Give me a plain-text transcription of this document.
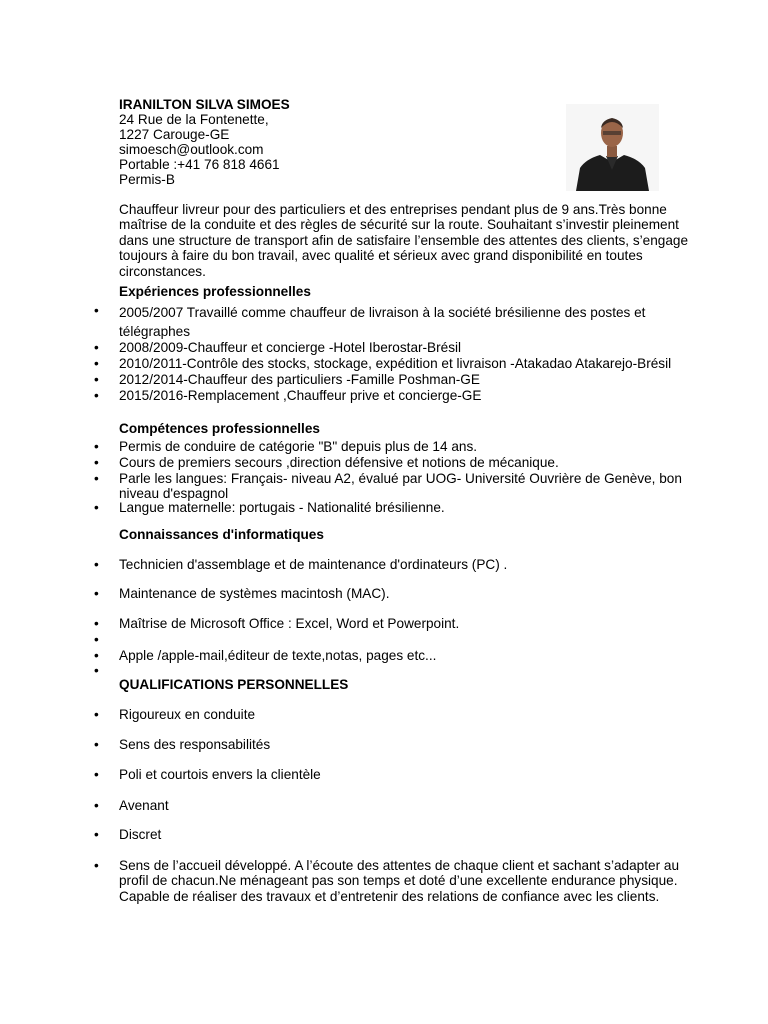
IRANILTON SILVA SIMOES
24 Rue de la Fontenette,
1227 Carouge-GE
simoesch@outlook.com
Portable :+41 76 818 4661
Permis-B
Chauffeur livreur pour des particuliers et des entreprises pendant plus de 9 ans.Très bonne maîtrise de la conduite et des règles de sécurité sur la route. Souhaitant s’investir pleinement dans une structure de transport afin de satisfaire l’ensemble des attentes des clients, s’engage toujours à faire du bon travail, avec qualité et sérieux avec grand disponibilité en toutes circonstances.
Expériences professionnelles
• 2005/2007 Travaillé comme chauffeur de livraison à la société brésilienne des postes et télégraphes
• 2008/2009-Chauffeur et concierge -Hotel Iberostar-Brésil
• 2010/2011-Contrôle des stocks, stockage, expédition et livraison -Atakadao Atakarejo-Brésil
• 2012/2014-Chauffeur des particuliers -Famille Poshman-GE
• 2015/2016-Remplacement ,Chauffeur prive et concierge-GE
Compétences professionnelles
• Permis de conduire de catégorie "B" depuis plus de 14 ans.
• Cours de premiers secours ,direction défensive et notions de mécanique.
• Parle les langues: Français- niveau A2, évalué par UOG- Université Ouvrière de Genève, bon niveau d'espagnol
• Langue maternelle: portugais - Nationalité brésilienne.
Connaissances d'informatiques
• Technicien d'assemblage et de maintenance d'ordinateurs (PC) .
• Maintenance de systèmes macintosh (MAC).
• Maîtrise de Microsoft Office : Excel, Word et Powerpoint.
•
• Apple /apple-mail,éditeur de texte,notas, pages etc...
•
QUALIFICATIONS PERSONNELLES
• Rigoureux en conduite
• Sens des responsabilités
• Poli et courtois envers la clientèle
• Avenant
• Discret
• Sens de l’accueil développé. A l’écoute des attentes de chaque client et sachant s’adapter au profil de chacun.Ne ménageant pas son temps et doté d’une excellente endurance physique. Capable de réaliser des travaux et d’entretenir des relations de confiance avec les clients.
